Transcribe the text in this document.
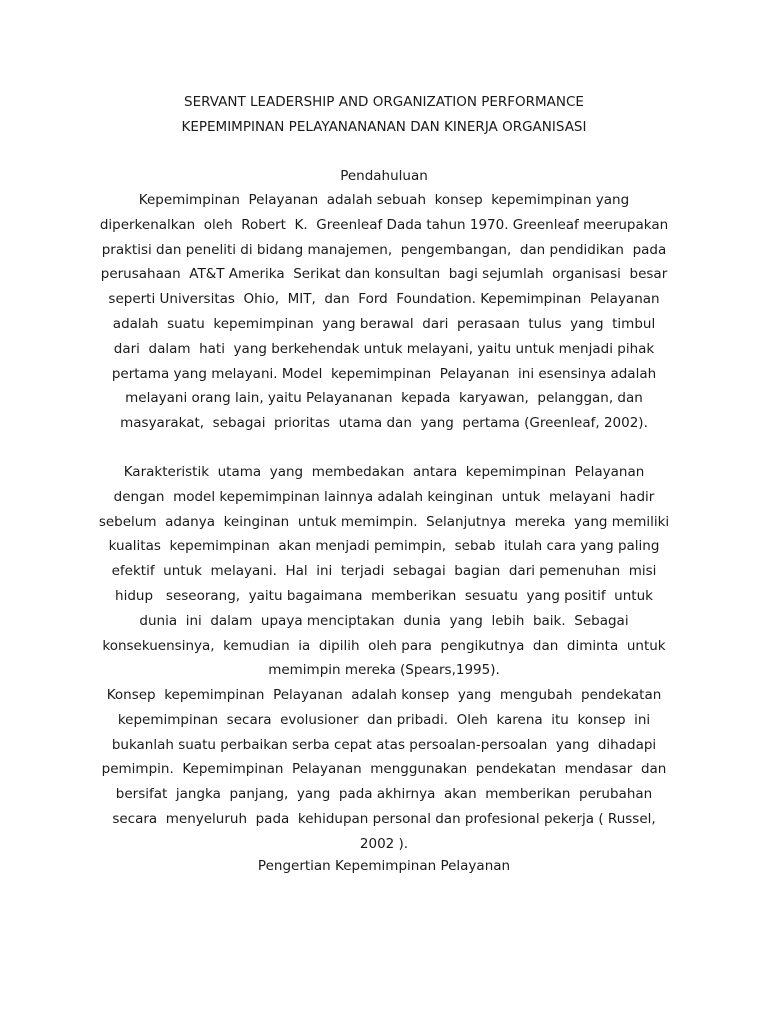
SERVANT LEADERSHIP AND ORGANIZATION PERFORMANCE
KEPEMIMPINAN PELAYANANANAN DAN KINERJA ORGANISASI
Pendahuluan
Kepemimpinan  Pelayanan  adalah sebuah  konsep  kepemimpinan yang
diperkenalkan  oleh  Robert  K.  Greenleaf Dada tahun 1970. Greenleaf meerupakan
praktisi dan peneliti di bidang manajemen,  pengembangan,  dan pendidikan  pada
perusahaan  AT&T Amerika  Serikat dan konsultan  bagi sejumlah  organisasi  besar
seperti Universitas  Ohio,  MIT,  dan  Ford  Foundation. Kepemimpinan  Pelayanan
adalah  suatu  kepemimpinan  yang berawal  dari  perasaan  tulus  yang  timbul
dari  dalam  hati  yang berkehendak untuk melayani, yaitu untuk menjadi pihak
pertama yang melayani. Model  kepemimpinan  Pelayanan  ini esensinya adalah
melayani orang lain, yaitu Pelayananan  kepada  karyawan,  pelanggan, dan
masyarakat,  sebagai  prioritas  utama dan  yang  pertama (Greenleaf, 2002).
Karakteristik  utama  yang  membedakan  antara  kepemimpinan  Pelayanan
dengan  model kepemimpinan lainnya adalah keinginan  untuk  melayani  hadir
sebelum  adanya  keinginan  untuk memimpin.  Selanjutnya  mereka  yang memiliki
kualitas  kepemimpinan  akan menjadi pemimpin,  sebab  itulah cara yang paling
efektif  untuk  melayani.  Hal  ini  terjadi  sebagai  bagian  dari pemenuhan  misi
hidup   seseorang,  yaitu bagaimana  memberikan  sesuatu  yang positif  untuk
dunia  ini  dalam  upaya menciptakan  dunia  yang  lebih  baik.  Sebagai
konsekuensinya,  kemudian  ia  dipilih  oleh para  pengikutnya  dan  diminta  untuk
memimpin mereka (Spears,1995).
Konsep  kepemimpinan  Pelayanan  adalah konsep  yang  mengubah  pendekatan
kepemimpinan  secara  evolusioner  dan pribadi.  Oleh  karena  itu  konsep  ini
bukanlah suatu perbaikan serba cepat atas persoalan-persoalan  yang  dihadapi
pemimpin.  Kepemimpinan  Pelayanan  menggunakan  pendekatan  mendasar  dan
bersifat  jangka  panjang,  yang  pada akhirnya  akan  memberikan  perubahan
secara  menyeluruh  pada  kehidupan personal dan profesional pekerja ( Russel,
2002 ).
Pengertian Kepemimpinan Pelayanan
